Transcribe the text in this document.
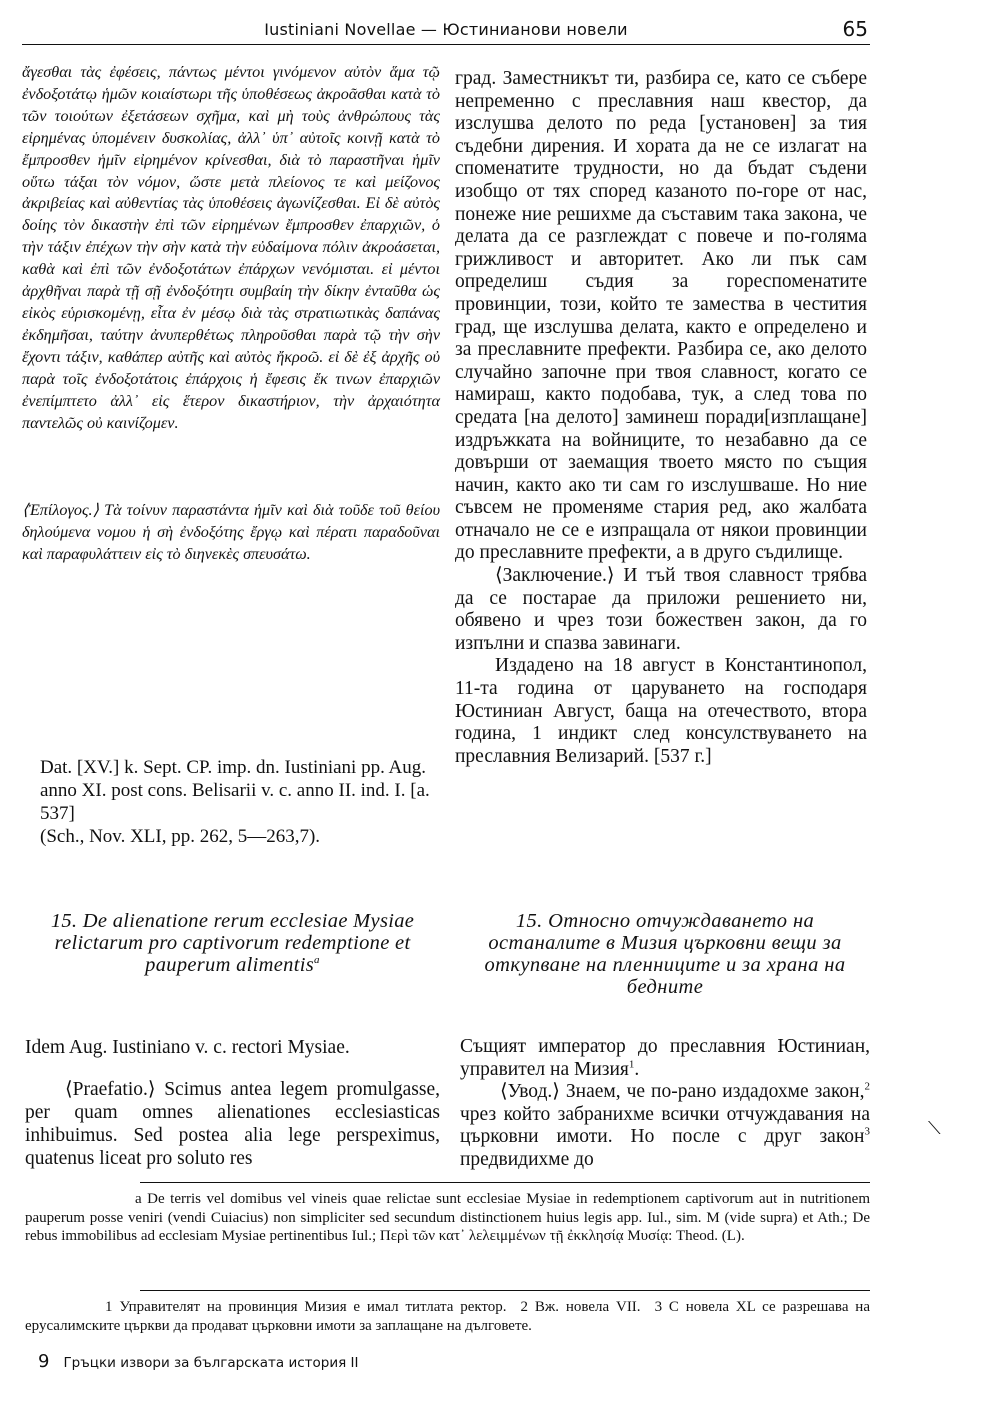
Iustiniani Novellae — Юстинианови новели	65

ἄγεσθαι τὰς ἐφέσεις, πάντως μέντοι γινόμενον αὐτὸν ἅμα τῷ ἐνδοξοτάτῳ ἡμῶν κοιαίστωρι τῆς ὑποθέσεως ἀκροᾶσθαι κατὰ τὸ τῶν τοιούτων ἐξετάσεων σχῆμα, καὶ μὴ τοὺς ἀνθρώπους τὰς εἰρημένας ὑπομένειν δυσκολίας, ἀλλ᾽ ὑπ᾽ αὐτοῖς κοινῇ κατὰ τὸ ἔμπροσθεν ἡμῖν εἰρημένον κρίνεσθαι, διὰ τὸ παραστῆναι ἡμῖν οὕτω τάξαι τὸν νόμον, ὥστε μετὰ πλείονος τε καὶ μείζονος ἀκριβείας καὶ αὐθεντίας τὰς ὑποθέσεις ἀγωνίζεσθαι. Εἰ δὲ αὐτὸς δοίης τὸν δικαστὴν ἐπὶ τῶν εἰρημένων ἔμπροσθεν ἐπαρχιῶν, ὁ τὴν τάξιν ἐπέχων τὴν σὴν κατὰ τὴν εὐδαίμονα πόλιν ἀκροάσεται, καθὰ καὶ ἐπὶ τῶν ἐνδοξοτάτων ἐπάρχων νενόμισται. εἰ μέντοι ἀρχθῆναι παρὰ τῇ σῇ ἐνδοξότητι συμβαίη τὴν δίκην ἐνταῦθα ὡς εἰκὸς εὑρισκομένῃ, εἶτα ἐν μέσῳ διὰ τὰς στρατιωτικὰς δαπάνας ἐκδημῆσαι, ταύτην ἀνυπερθέτως πληροῦσθαι παρὰ τῷ τὴν σὴν ἔχοντι τάξιν, καθάπερ αὐτῆς καὶ αὐτὸς ἤκροῶ. εἰ δὲ ἐξ ἀρχῆς οὐ παρὰ τοῖς ἐνδοξοτάτοις ἐπάρχοις ἡ ἔφεσις ἔκ τινων ἐπαρχιῶν ἐνεπίμπτετο ἀλλ᾽ εἰς ἕτερον δικαστήριον, τὴν ἀρχαιότητα παντελῶς οὐ καινίζομεν.

⟨Ἐπίλογος.⟩ Τὰ τοίνυν παραστάντα ἡμῖν καὶ διὰ τοῦδε τοῦ θείου δηλούμενα νομου ἡ σὴ ἐνδοξότης ἔργῳ καὶ πέρατι παραδοῦναι καὶ παραφυλάττειν εἰς τὸ διηνεκὲς σπευσάτω.

Dat. [XV.] k. Sept. CP. imp. dn. Iustiniani pp. Aug. anno XI. post cons. Belisarii v. c. anno II. ind. I. [a. 537]

(Sch., Nov. XLI, pp. 262, 5—263,7).

град. Заместникът ти, разбира се, като се събере непременно с преславния наш квестор, да изслушва делото по реда [установен] за тия съдебни дирения. И хората да не се излагат на споменатите трудности, но да бъдат съдени изобщо от тях според казаното по-горе от нас, понеже ние решихме да съставим така закона, че делата да се разглеждат с повече и по-голяма грижливост и авторитет. Ако ли пък сам определиш съдия за гореспоменатите провинции, този, който те замества в честития град, ще изслушва делата, както е определено и за преславните префекти. Разбира се, ако делото случайно започне при твоя славност, когато се намираш, както подобава, тук, а след това по средата [на делото] заминеш поради[изплащане] издръжката на войниците, то незабавно да се довърши от заемащия твоето място по същия начин, както ако ти сам го изслушваше. Но ние съвсем не променяме стария ред, ако жалбата отначало не се е изпращала от някои провинции до преславните префекти, а в друго съдилище.

⟨Заключение.⟩ И тъй твоя славност трябва да се постарае да приложи решението ни, обявено и чрез този божествен закон, да го изпълни и спазва завинаги.

Издадено на 18 август в Константинопол, 11-та година от царуването на господаря Юстиниан Август, баща на отечеството, втора година, 1 индикт след консулствуването на преславния Велизарий. [537 г.]

15. De alienatione rerum ecclesiae Mysiae relictarum pro captivorum redemptione et pauperum alimentis$^a$
15. Относно отчуждаването на останалите в Мизия църковни вещи за откупване на пленниците и за храна на бедните
Idem Aug. Iustiniano v. c. rectori Mysiae.
⟨Praefatio.⟩ Scimus antea legem promulgasse, per quam omnes alienationes ecclesiasticas inhibuimus. Sed postea alia lege perspeximus, quatenus liceat pro soluto res

Същият император до преславния Юстиниан, управител на Мизия$^1$.

⟨Увод.⟩ Знаем, че по-рано издадохме закон,$^2$ чрез който забранихме всички отчуждавания на църковни имоти. Но после с друг закон$^3$ предвидихме до

⟍
a De terris vel domibus vel vineis quae relictae sunt ecclesiae Mysiae in redemptionem captivorum aut in nutritionem pauperum posse veniri (vendi Cuiacius) non simpliciter sed secundum distinctionem huius legis app. Iul., sim. M (vide supra) et Ath.; De rebus immobilibus ad ecclesiam Mysiae pertinentibus Iul.; Περὶ τῶν κατ᾽ λελειμμένων τῇ ἐκκλησίᾳ Μυσίᾳ: Theod. (L).
1 Управителят на провинция Мизия е имал титлата ректор. 2 Вж. новела VII. 3 С новела XL се разрешава на ерусалимските църкви да продават църковни имоти за заплащане на дълговете.
9 Гръцки извори за българската история II
